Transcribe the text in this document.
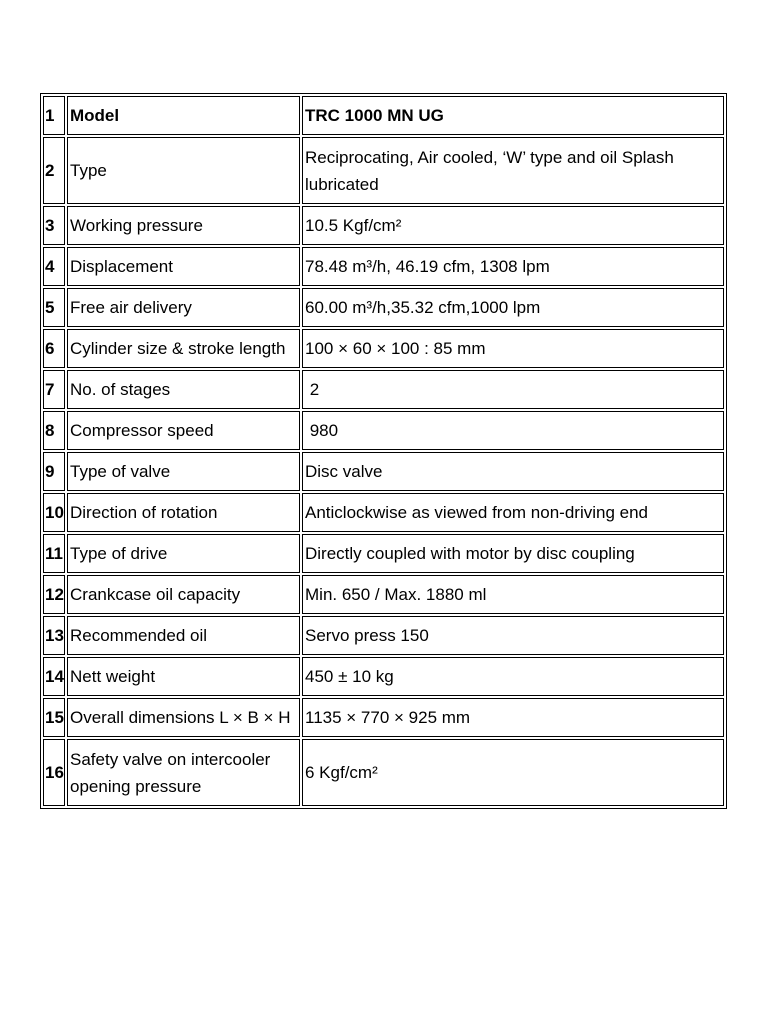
1	Model	TRC 1000 MN UG
2	Type	Reciprocating, Air cooled, ‘W’ type and oil Splash lubricated
3	Working pressure	10.5 Kgf/cm²
4	Displacement	78.48 m³/h, 46.19 cfm, 1308 lpm
5	Free air delivery	60.00 m³/h,35.32 cfm,1000 lpm
6	Cylinder size & stroke length	100 × 60 × 100 : 85 mm
7	No. of stages	2
8	Compressor speed	980
9	Type of valve	Disc valve
10	Direction of rotation	Anticlockwise as viewed from non-driving end
11	Type of drive	Directly coupled with motor by disc coupling
12	Crankcase oil capacity	Min. 650 / Max. 1880 ml
13	Recommended oil	Servo press 150
14	Nett weight	450 ± 10 kg
15	Overall dimensions L × B × H	1135 × 770 × 925 mm
16	Safety valve on intercooler opening pressure	6 Kgf/cm²
